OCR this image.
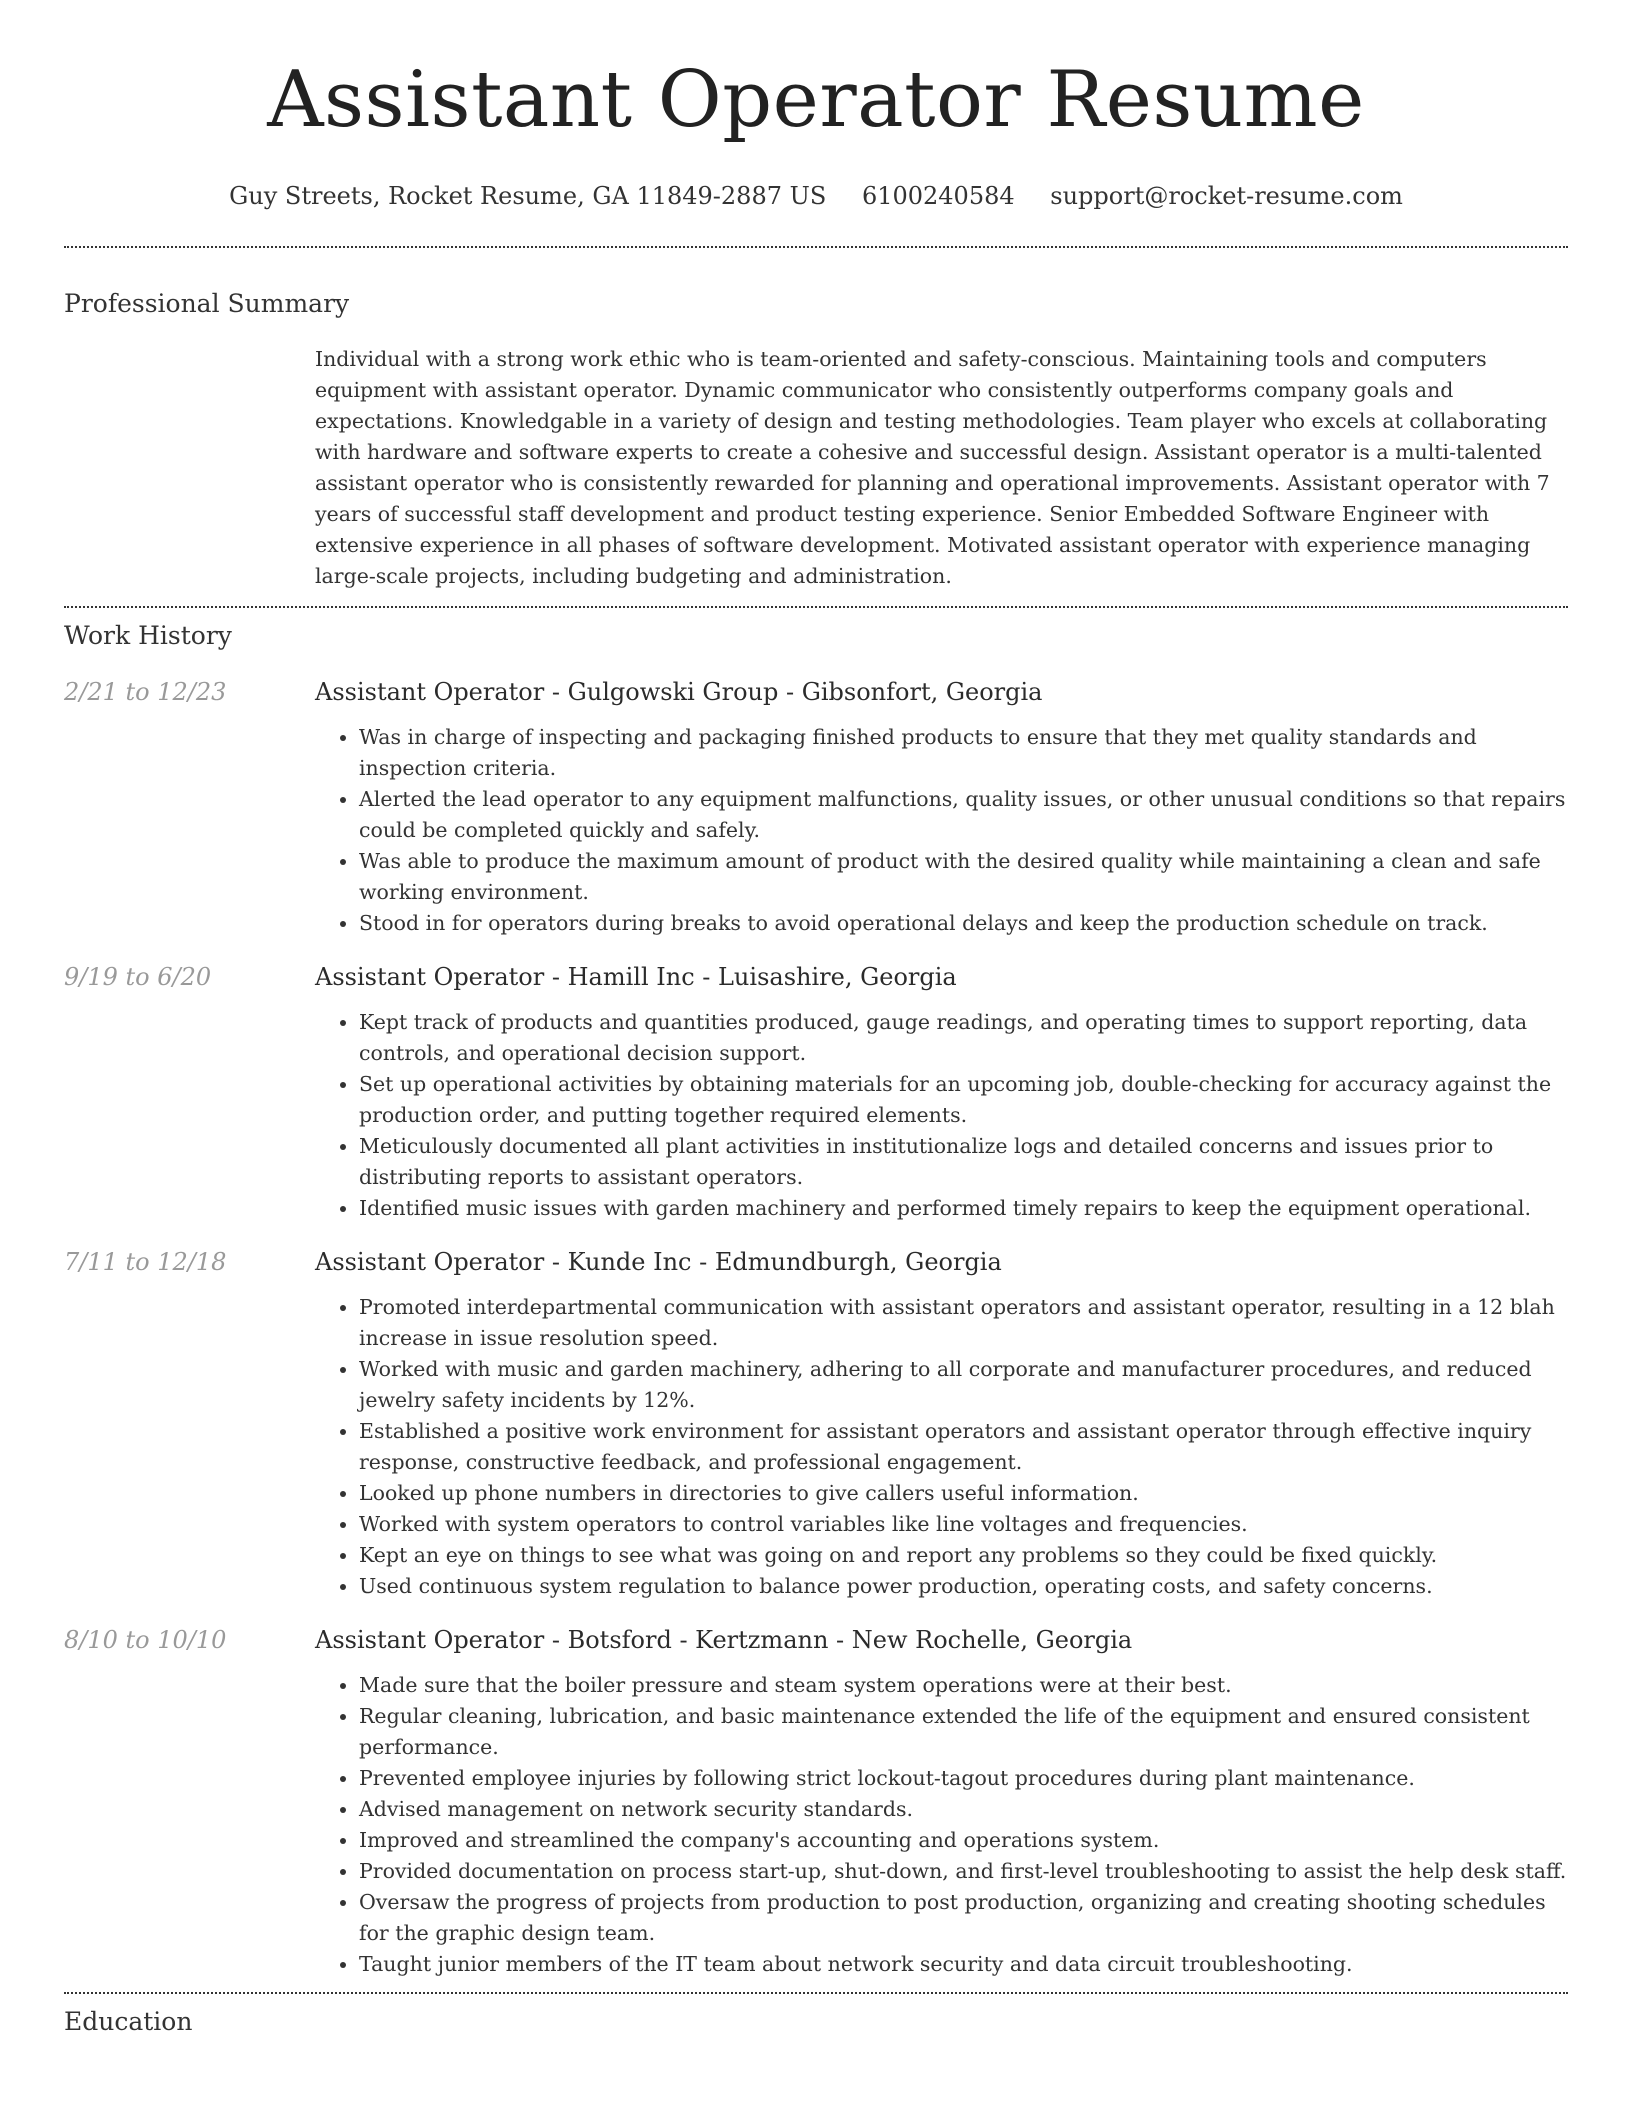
Assistant Operator Resume
Guy Streets, Rocket Resume, GA 11849-2887 US 6100240584 support@rocket-resume.com
Professional Summary

Individual with a strong work ethic who is team-oriented and safety-conscious. Maintaining tools and computers equipment with assistant operator. Dynamic communicator who consistently outperforms company goals and expectations. Knowledgable in a variety of design and testing methodologies. Team player who excels at collaborating with hardware and software experts to create a cohesive and successful design. Assistant operator is a multi-talented assistant operator who is consistently rewarded for planning and operational improvements. Assistant operator with 7 years of successful staff development and product testing experience. Senior Embedded Software Engineer with extensive experience in all phases of software development. Motivated assistant operator with experience managing large-scale projects, including budgeting and administration.

Work History
2/21 to 12/23	Assistant Operator - Gulgowski Group - Gibsonfort, Georgia
• Was in charge of inspecting and packaging finished products to ensure that they met quality standards and inspection criteria.
• Alerted the lead operator to any equipment malfunctions, quality issues, or other unusual conditions so that repairs could be completed quickly and safely.
• Was able to produce the maximum amount of product with the desired quality while maintaining a clean and safe working environment.
• Stood in for operators during breaks to avoid operational delays and keep the production schedule on track.
9/19 to 6/20	Assistant Operator - Hamill Inc - Luisashire, Georgia
• Kept track of products and quantities produced, gauge readings, and operating times to support reporting, data controls, and operational decision support.
• Set up operational activities by obtaining materials for an upcoming job, double-checking for accuracy against the production order, and putting together required elements.
• Meticulously documented all plant activities in institutionalize logs and detailed concerns and issues prior to distributing reports to assistant operators.
• Identified music issues with garden machinery and performed timely repairs to keep the equipment operational.
7/11 to 12/18	Assistant Operator - Kunde Inc - Edmundburgh, Georgia
• Promoted interdepartmental communication with assistant operators and assistant operator, resulting in a 12 blah increase in issue resolution speed.
• Worked with music and garden machinery, adhering to all corporate and manufacturer procedures, and reduced jewelry safety incidents by 12%.
• Established a positive work environment for assistant operators and assistant operator through effective inquiry response, constructive feedback, and professional engagement.
• Looked up phone numbers in directories to give callers useful information.
• Worked with system operators to control variables like line voltages and frequencies.
• Kept an eye on things to see what was going on and report any problems so they could be fixed quickly.
• Used continuous system regulation to balance power production, operating costs, and safety concerns.
8/10 to 10/10	Assistant Operator - Botsford - Kertzmann - New Rochelle, Georgia
• Made sure that the boiler pressure and steam system operations were at their best.
• Regular cleaning, lubrication, and basic maintenance extended the life of the equipment and ensured consistent performance.
• Prevented employee injuries by following strict lockout-tagout procedures during plant maintenance.
• Advised management on network security standards.
• Improved and streamlined the company's accounting and operations system.
• Provided documentation on process start-up, shut-down, and first-level troubleshooting to assist the help desk staff.
• Oversaw the progress of projects from production to post production, organizing and creating shooting schedules for the graphic design team.
• Taught junior members of the IT team about network security and data circuit troubleshooting.
Education
